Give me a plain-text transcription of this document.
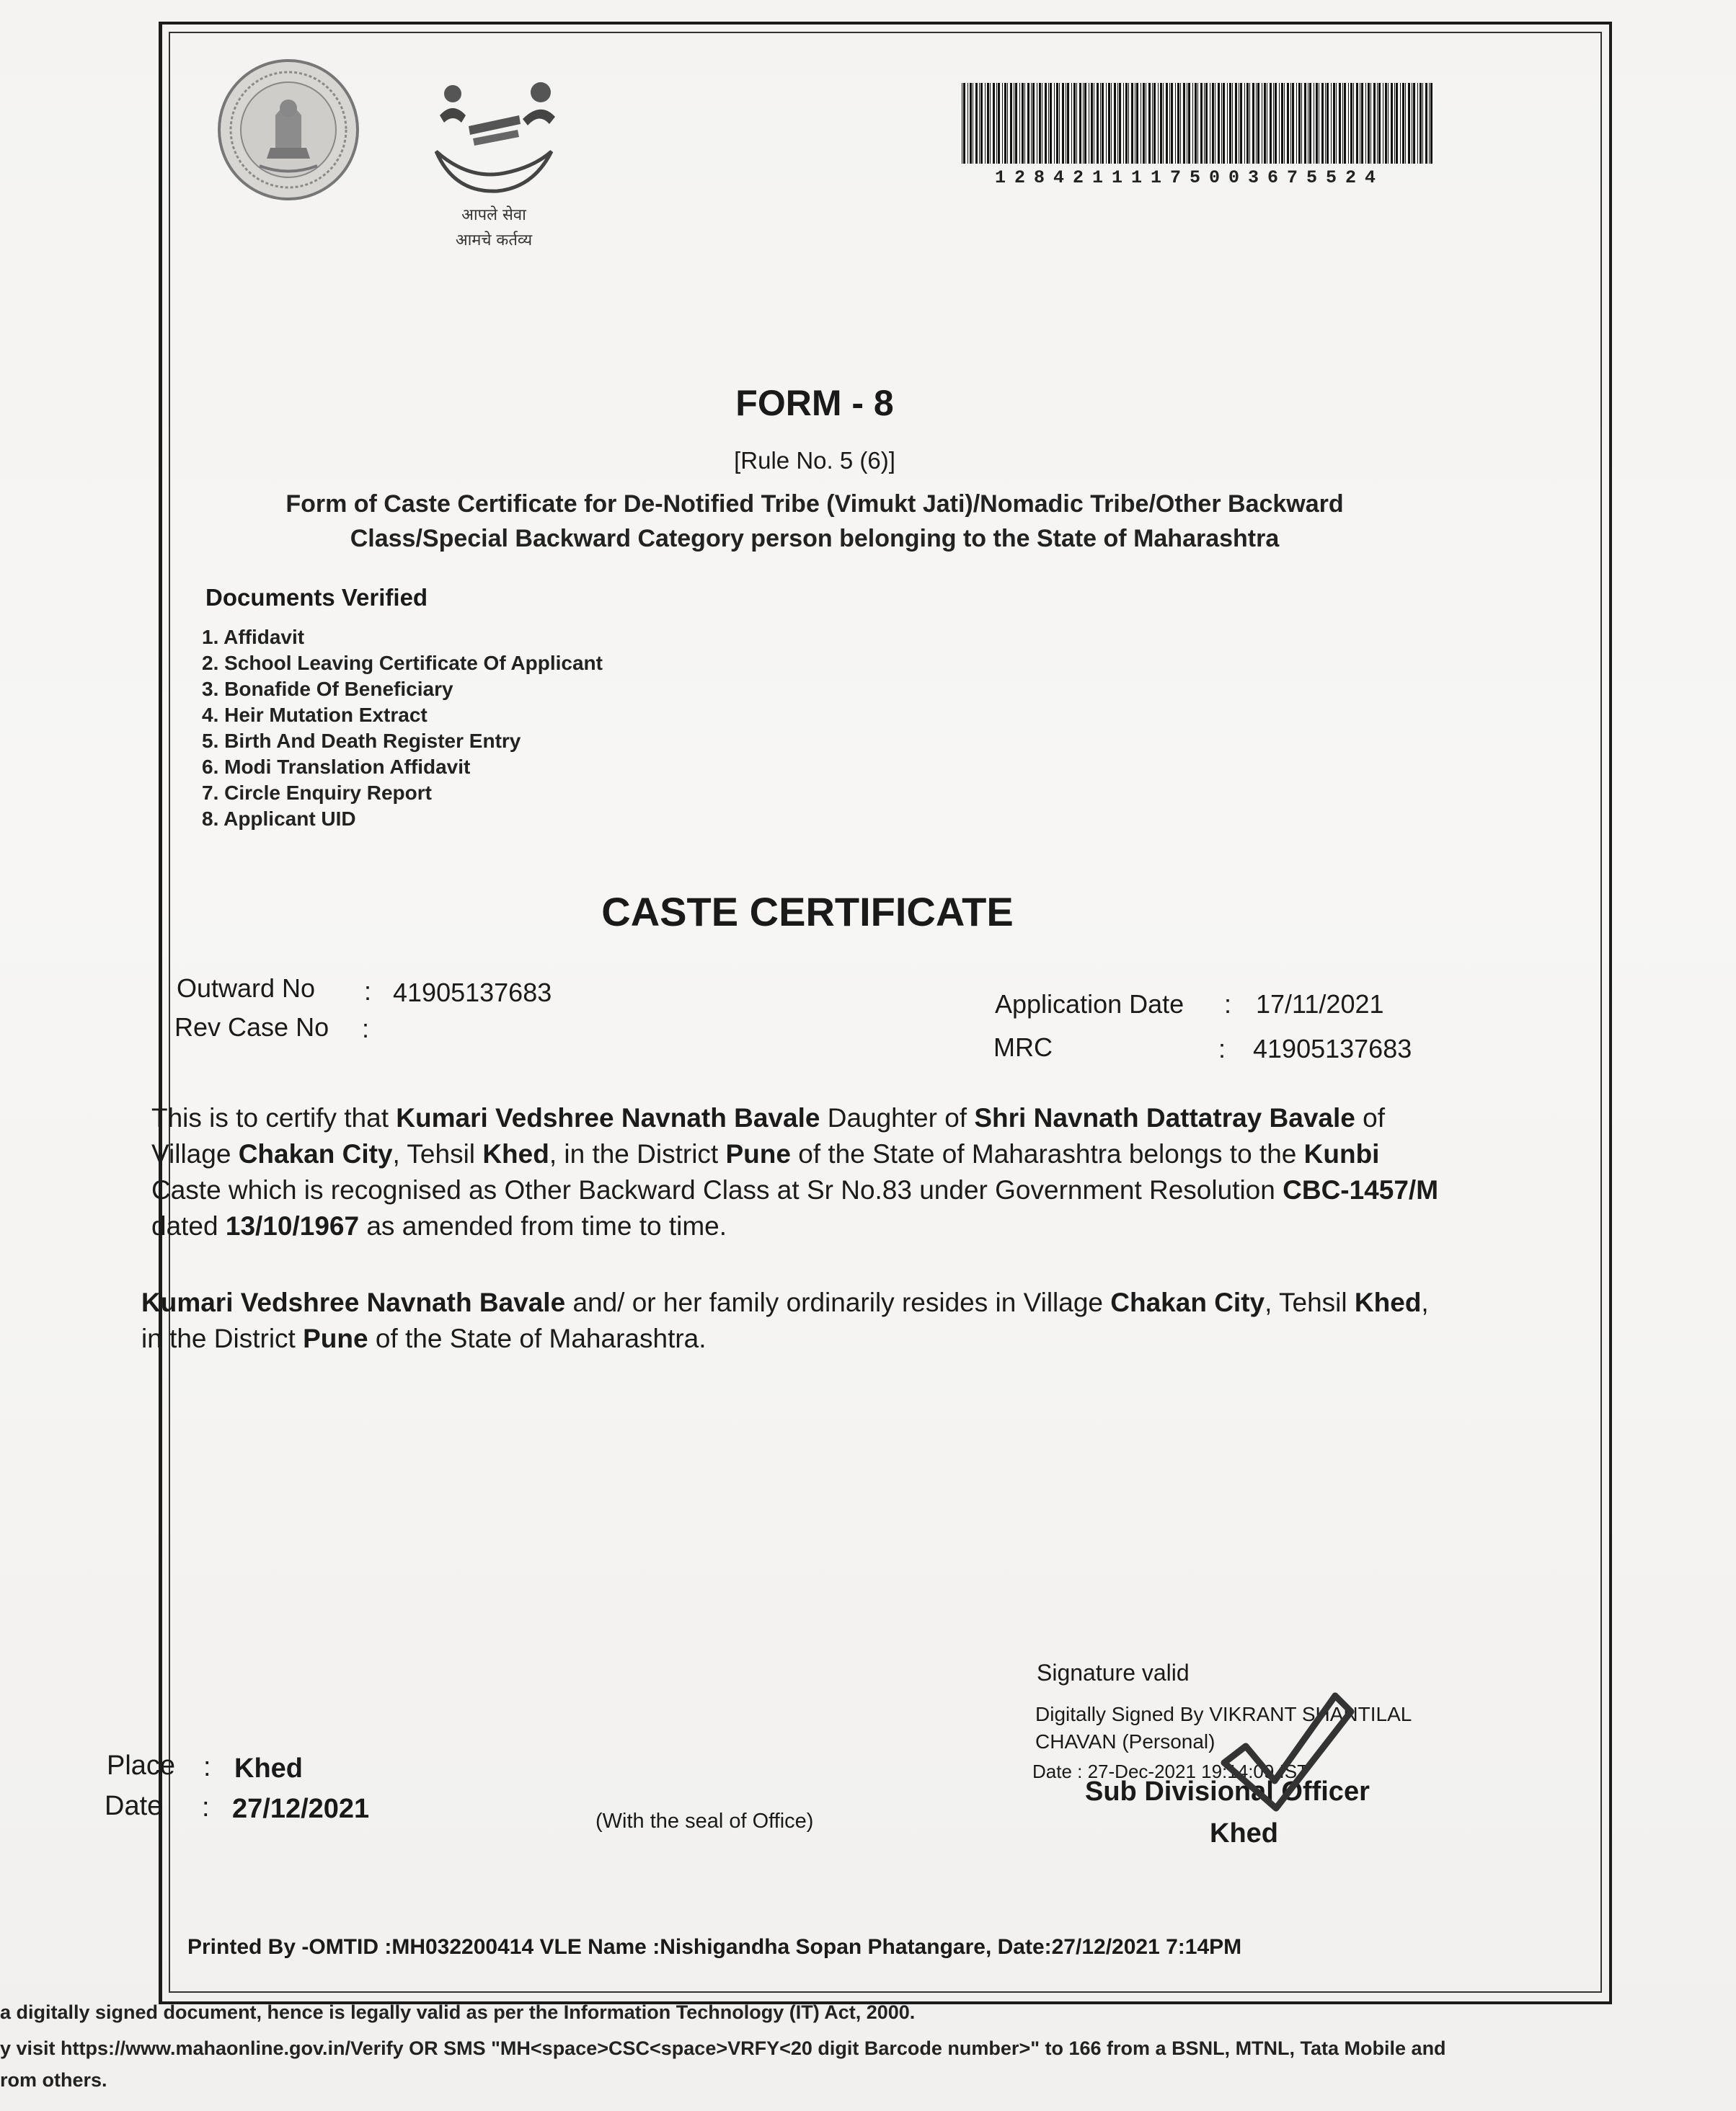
आपले सेवा
आमचे कर्तव्य
12842111175003675524
FORM - 8
[Rule No. 5 (6)]
Form of Caste Certificate for De-Notified Tribe (Vimukt Jati)/Nomadic Tribe/Other Backward
Class/Special Backward Category person belonging to the State of Maharashtra
Documents Verified
1. Affidavit
2. School Leaving Certificate Of Applicant
3. Bonafide Of Beneficiary
4. Heir Mutation Extract
5. Birth And Death Register Entry
6. Modi Translation Affidavit
7. Circle Enquiry Report
8. Applicant UID
CASTE CERTIFICATE
Outward No : 41905137683
Rev Case No :
Application Date : 17/11/2021
MRC	: 41905137683
This is to certify that Kumari Vedshree Navnath Bavale Daughter of Shri Navnath Dattatray Bavale of Village Chakan City, Tehsil Khed, in the District Pune of the State of Maharashtra belongs to the Kunbi Caste which is recognised as Other Backward Class at Sr No.83 under Government Resolution CBC-1457/M dated 13/10/1967 as amended from time to time.
Kumari Vedshree Navnath Bavale and/ or her family ordinarily resides in Village Chakan City, Tehsil Khed, in the District Pune of the State of Maharashtra.
Place : Khed
Date : 27/12/2021	(With the seal of Office)
Signature valid
Digitally Signed By VIKRANT SHANTILAL
CHAVAN (Personal)
Date : 27-Dec-2021 19:14:09 IST
Sub Divisional Officer
Khed
Printed By -OMTID :MH032200414 VLE Name :Nishigandha Sopan Phatangare, Date:27/12/2021 7:14PM
a digitally signed document, hence is legally valid as per the Information Technology (IT) Act, 2000.
y visit https://www.mahaonline.gov.in/Verify OR SMS "MH<space>CSC<space>VRFY<20 digit Barcode number>" to 166 from a BSNL, MTNL, Tata Mobile and
rom others.
